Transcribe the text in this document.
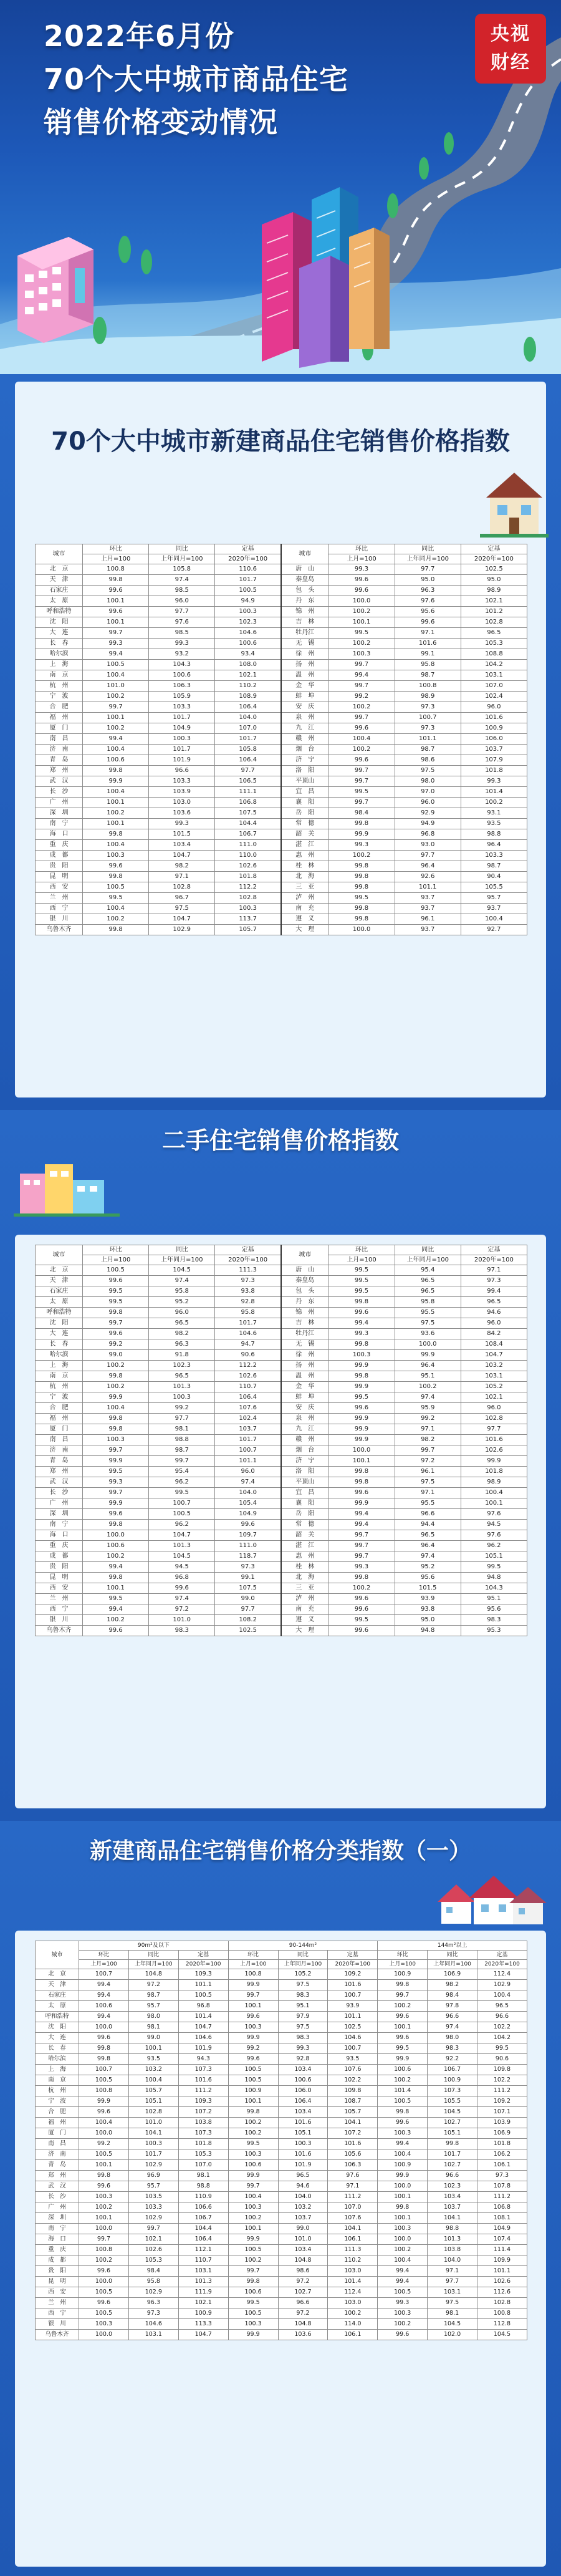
2022年6月份
70个大中城市商品住宅
销售价格变动情况
央视
财经
70个大中城市新建商品住宅销售价格指数
城市	环比	同比	定基	城市	环比	同比	定基
	上月=100	上年同月=100	2020年=100		上月=100	上年同月=100	2020年=100
北　京	100.8	105.8	110.6	唐　山	99.3	97.7	102.5
天　津	99.8	97.4	101.7	秦皇岛	99.6	95.0	95.0
石家庄	99.6	98.5	100.5	包　头	99.6	96.3	98.9
太　原	100.1	96.0	94.9	丹　东	100.0	97.6	102.1
呼和浩特	99.6	97.7	100.3	锦　州	100.2	95.6	101.2
沈　阳	100.1	97.6	102.3	吉　林	100.1	99.6	102.8
大　连	99.7	98.5	104.6	牡丹江	99.5	97.1	96.5
长　春	99.3	99.3	100.6	无　锡	100.2	101.6	105.3
哈尔滨	99.4	93.2	93.4	徐　州	100.3	99.1	108.8
上　海	100.5	104.3	108.0	扬　州	99.7	95.8	104.2
南　京	100.4	100.6	102.1	温　州	99.4	98.7	103.1
杭　州	101.0	106.3	110.2	金　华	99.7	100.8	107.0
宁　波	100.2	105.9	108.9	蚌　埠	99.2	98.9	102.4
合　肥	99.7	103.3	106.4	安　庆	100.2	97.3	96.0
福　州	100.1	101.7	104.0	泉　州	99.7	100.7	101.6
厦　门	100.2	104.9	107.0	九　江	99.6	97.3	100.9
南　昌	99.4	100.3	101.7	赣　州	100.4	101.1	106.0
济　南	100.4	101.7	105.8	烟　台	100.2	98.7	103.7
青　岛	100.6	101.9	106.4	济　宁	99.6	98.6	107.9
郑　州	99.8	96.6	97.7	洛　阳	99.7	97.5	101.8
武　汉	99.9	103.3	106.5	平顶山	99.7	98.0	99.3
长　沙	100.4	103.9	111.1	宜　昌	99.5	97.0	101.4
广　州	100.1	103.0	106.8	襄　阳	99.7	96.0	100.2
深　圳	100.2	103.6	107.5	岳　阳	98.4	92.9	93.1
南　宁	100.1	99.3	104.4	常　德	99.8	94.9	93.5
海　口	99.8	101.5	106.7	韶　关	99.9	96.8	98.8
重　庆	100.4	103.4	111.0	湛　江	99.3	93.0	96.4
成　都	100.3	104.7	110.0	惠　州	100.2	97.7	103.3
贵　阳	99.6	98.2	102.6	桂　林	99.8	96.4	98.7
昆　明	99.8	97.1	101.8	北　海	99.8	92.6	90.4
西　安	100.5	102.8	112.2	三　亚	99.8	101.1	105.5
兰　州	99.5	96.7	102.8	泸　州	99.5	93.7	95.7
西　宁	100.4	97.5	100.3	南　充	99.8	93.7	93.7
银　川	100.2	104.7	113.7	遵　义	99.8	96.1	100.4
乌鲁木齐	99.8	102.9	105.7	大　理	100.0	93.7	92.7
二手住宅销售价格指数
城市	环比	同比	定基	城市	环比	同比	定基
	上月=100	上年同月=100	2020年=100		上月=100	上年同月=100	2020年=100
北　京	100.5	104.5	111.3	唐　山	99.5	95.4	97.1
天　津	99.6	97.4	97.3	秦皇岛	99.5	96.5	97.3
石家庄	99.5	95.8	93.8	包　头	99.5	96.5	99.4
太　原	99.5	95.2	92.8	丹　东	99.8	95.8	96.5
呼和浩特	99.8	96.0	95.8	锦　州	99.6	95.5	94.6
沈　阳	99.7	96.5	101.7	吉　林	99.4	97.5	96.0
大　连	99.6	98.2	104.6	牡丹江	99.3	93.6	84.2
长　春	99.2	96.3	94.7	无　锡	99.8	100.0	108.4
哈尔滨	99.0	91.8	90.6	徐　州	100.3	99.9	104.7
上　海	100.2	102.3	112.2	扬　州	99.9	96.4	103.2
南　京	99.8	96.5	102.6	温　州	99.8	95.1	103.1
杭　州	100.2	101.3	110.7	金　华	99.9	100.2	105.2
宁　波	99.9	100.3	106.4	蚌　埠	99.5	97.4	102.1
合　肥	100.4	99.2	107.6	安　庆	99.6	95.9	96.0
福　州	99.8	97.7	102.4	泉　州	99.9	99.2	102.8
厦　门	99.8	98.1	103.7	九　江	99.9	97.1	97.7
南　昌	100.3	98.8	101.7	赣　州	99.9	98.2	101.6
济　南	99.7	98.7	100.7	烟　台	100.0	99.7	102.6
青　岛	99.9	99.7	101.1	济　宁	100.1	97.2	99.9
郑　州	99.5	95.4	96.0	洛　阳	99.8	96.1	101.8
武　汉	99.3	96.2	97.4	平顶山	99.8	97.5	98.9
长　沙	99.7	99.5	104.0	宜　昌	99.6	97.1	100.4
广　州	99.9	100.7	105.4	襄　阳	99.9	95.5	100.1
深　圳	99.6	100.5	104.9	岳　阳	99.4	96.6	97.6
南　宁	99.8	96.2	99.6	常　德	99.4	94.4	94.5
海　口	100.0	104.7	109.7	韶　关	99.7	96.5	97.6
重　庆	100.6	101.3	111.0	湛　江	99.7	96.4	96.2
成　都	100.2	104.5	118.7	惠　州	99.7	97.4	105.1
贵　阳	99.4	94.5	97.3	桂　林	99.3	95.2	99.5
昆　明	99.8	96.8	99.1	北　海	99.8	95.6	94.8
西　安	100.1	99.6	107.5	三　亚	100.2	101.5	104.3
兰　州	99.5	97.4	99.0	泸　州	99.6	93.9	95.1
西　宁	99.4	97.2	97.7	南　充	99.6	93.8	95.6
银　川	100.2	101.0	108.2	遵　义	99.5	95.0	98.3
乌鲁木齐	99.6	98.3	102.5	大　理	99.6	94.8	95.3
新建商品住宅销售价格分类指数（一）
城市	90m²及以下			90-144m²			144m²以上		
	环比	同比	定基	环比	同比	定基	环比	同比	定基
	上月=100	上年同月=100	2020年=100	上月=100	上年同月=100	2020年=100	上月=100	上年同月=100	2020年=100
北　京	100.7	104.8	109.3	100.8	105.2	109.2	100.9	106.9	112.4
天　津	99.4	97.2	101.1	99.9	97.5	101.6	99.8	98.2	102.9
石家庄	99.4	98.7	100.5	99.7	98.3	100.7	99.7	98.4	100.4
太　原	100.6	95.7	96.8	100.1	95.1	93.9	100.2	97.8	96.5
呼和浩特	99.4	98.0	101.4	99.6	97.9	101.1	99.6	96.6	96.6
沈　阳	100.0	98.1	104.7	100.3	97.5	102.5	100.1	97.4	102.2
大　连	99.6	99.0	104.6	99.9	98.3	104.6	99.6	98.0	104.2
长　春	99.8	100.1	101.9	99.2	99.3	100.7	99.5	98.3	99.5
哈尔滨	99.8	93.5	94.3	99.6	92.8	93.5	99.9	92.2	90.6
上　海	100.7	103.2	107.3	100.5	103.4	107.6	100.6	106.7	109.8
南　京	100.5	100.4	101.6	100.5	100.6	102.2	100.2	100.9	102.2
杭　州	100.8	105.7	111.2	100.9	106.0	109.8	101.4	107.3	111.2
宁　波	99.9	105.1	109.3	100.1	106.4	108.7	100.5	105.5	109.2
合　肥	99.6	102.8	107.2	99.8	103.4	105.7	99.8	104.5	107.1
福　州	100.4	101.0	103.8	100.2	101.6	104.1	99.6	102.7	103.9
厦　门	100.0	104.1	107.3	100.2	105.1	107.2	100.3	105.1	106.9
南　昌	99.2	100.3	101.8	99.5	100.3	101.6	99.4	99.8	101.8
济　南	100.5	101.7	105.3	100.3	101.6	105.6	100.4	101.7	106.2
青　岛	100.1	102.9	107.0	100.6	101.9	106.3	100.9	102.7	106.1
郑　州	99.8	96.9	98.1	99.9	96.5	97.6	99.9	96.6	97.3
武　汉	99.6	95.7	98.8	99.7	94.6	97.1	100.0	102.3	107.8
长　沙	100.3	103.5	110.9	100.4	104.0	111.2	100.1	103.4	111.2
广　州	100.2	103.3	106.6	100.3	103.2	107.0	99.8	103.7	106.8
深　圳	100.1	102.9	106.7	100.2	103.7	107.6	100.1	104.1	108.1
南　宁	100.0	99.7	104.4	100.1	99.0	104.1	100.3	98.8	104.9
海　口	99.7	102.1	106.4	99.9	101.0	106.1	100.0	101.3	107.4
重　庆	100.8	102.6	112.1	100.5	103.4	111.3	100.2	103.8	111.4
成　都	100.2	105.3	110.7	100.2	104.8	110.2	100.4	104.0	109.9
贵　阳	99.6	98.4	103.1	99.7	98.6	103.0	99.4	97.1	101.1
昆　明	100.0	95.8	101.3	99.8	97.2	101.4	99.4	97.7	102.6
西　安	100.5	102.9	111.9	100.6	102.7	112.4	100.5	103.1	112.6
兰　州	99.6	96.3	102.1	99.5	96.6	103.0	99.3	97.5	102.8
西　宁	100.5	97.3	100.9	100.5	97.2	100.2	100.3	98.1	100.8
银　川	100.3	104.6	113.3	100.3	104.8	114.0	100.2	104.5	112.8
乌鲁木齐	100.0	103.1	104.7	99.9	103.6	106.1	99.6	102.0	104.5
